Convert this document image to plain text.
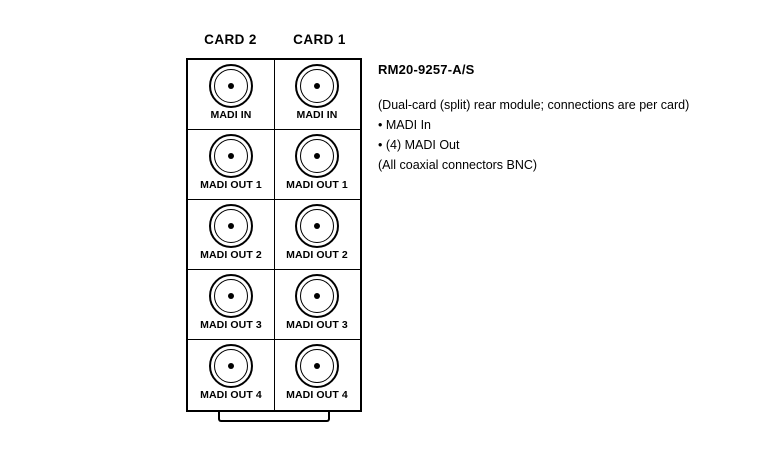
CARD 2	CARD 1
MADI IN
MADI OUT 1
MADI OUT 2
MADI OUT 3
MADI OUT 4
MADI IN
MADI OUT 1
MADI OUT 2
MADI OUT 3
MADI OUT 4

RM20-9257-A/S

(Dual-card (split) rear module; connections are per card)

• MADI In

• (4) MADI Out

(All coaxial connectors BNC)
